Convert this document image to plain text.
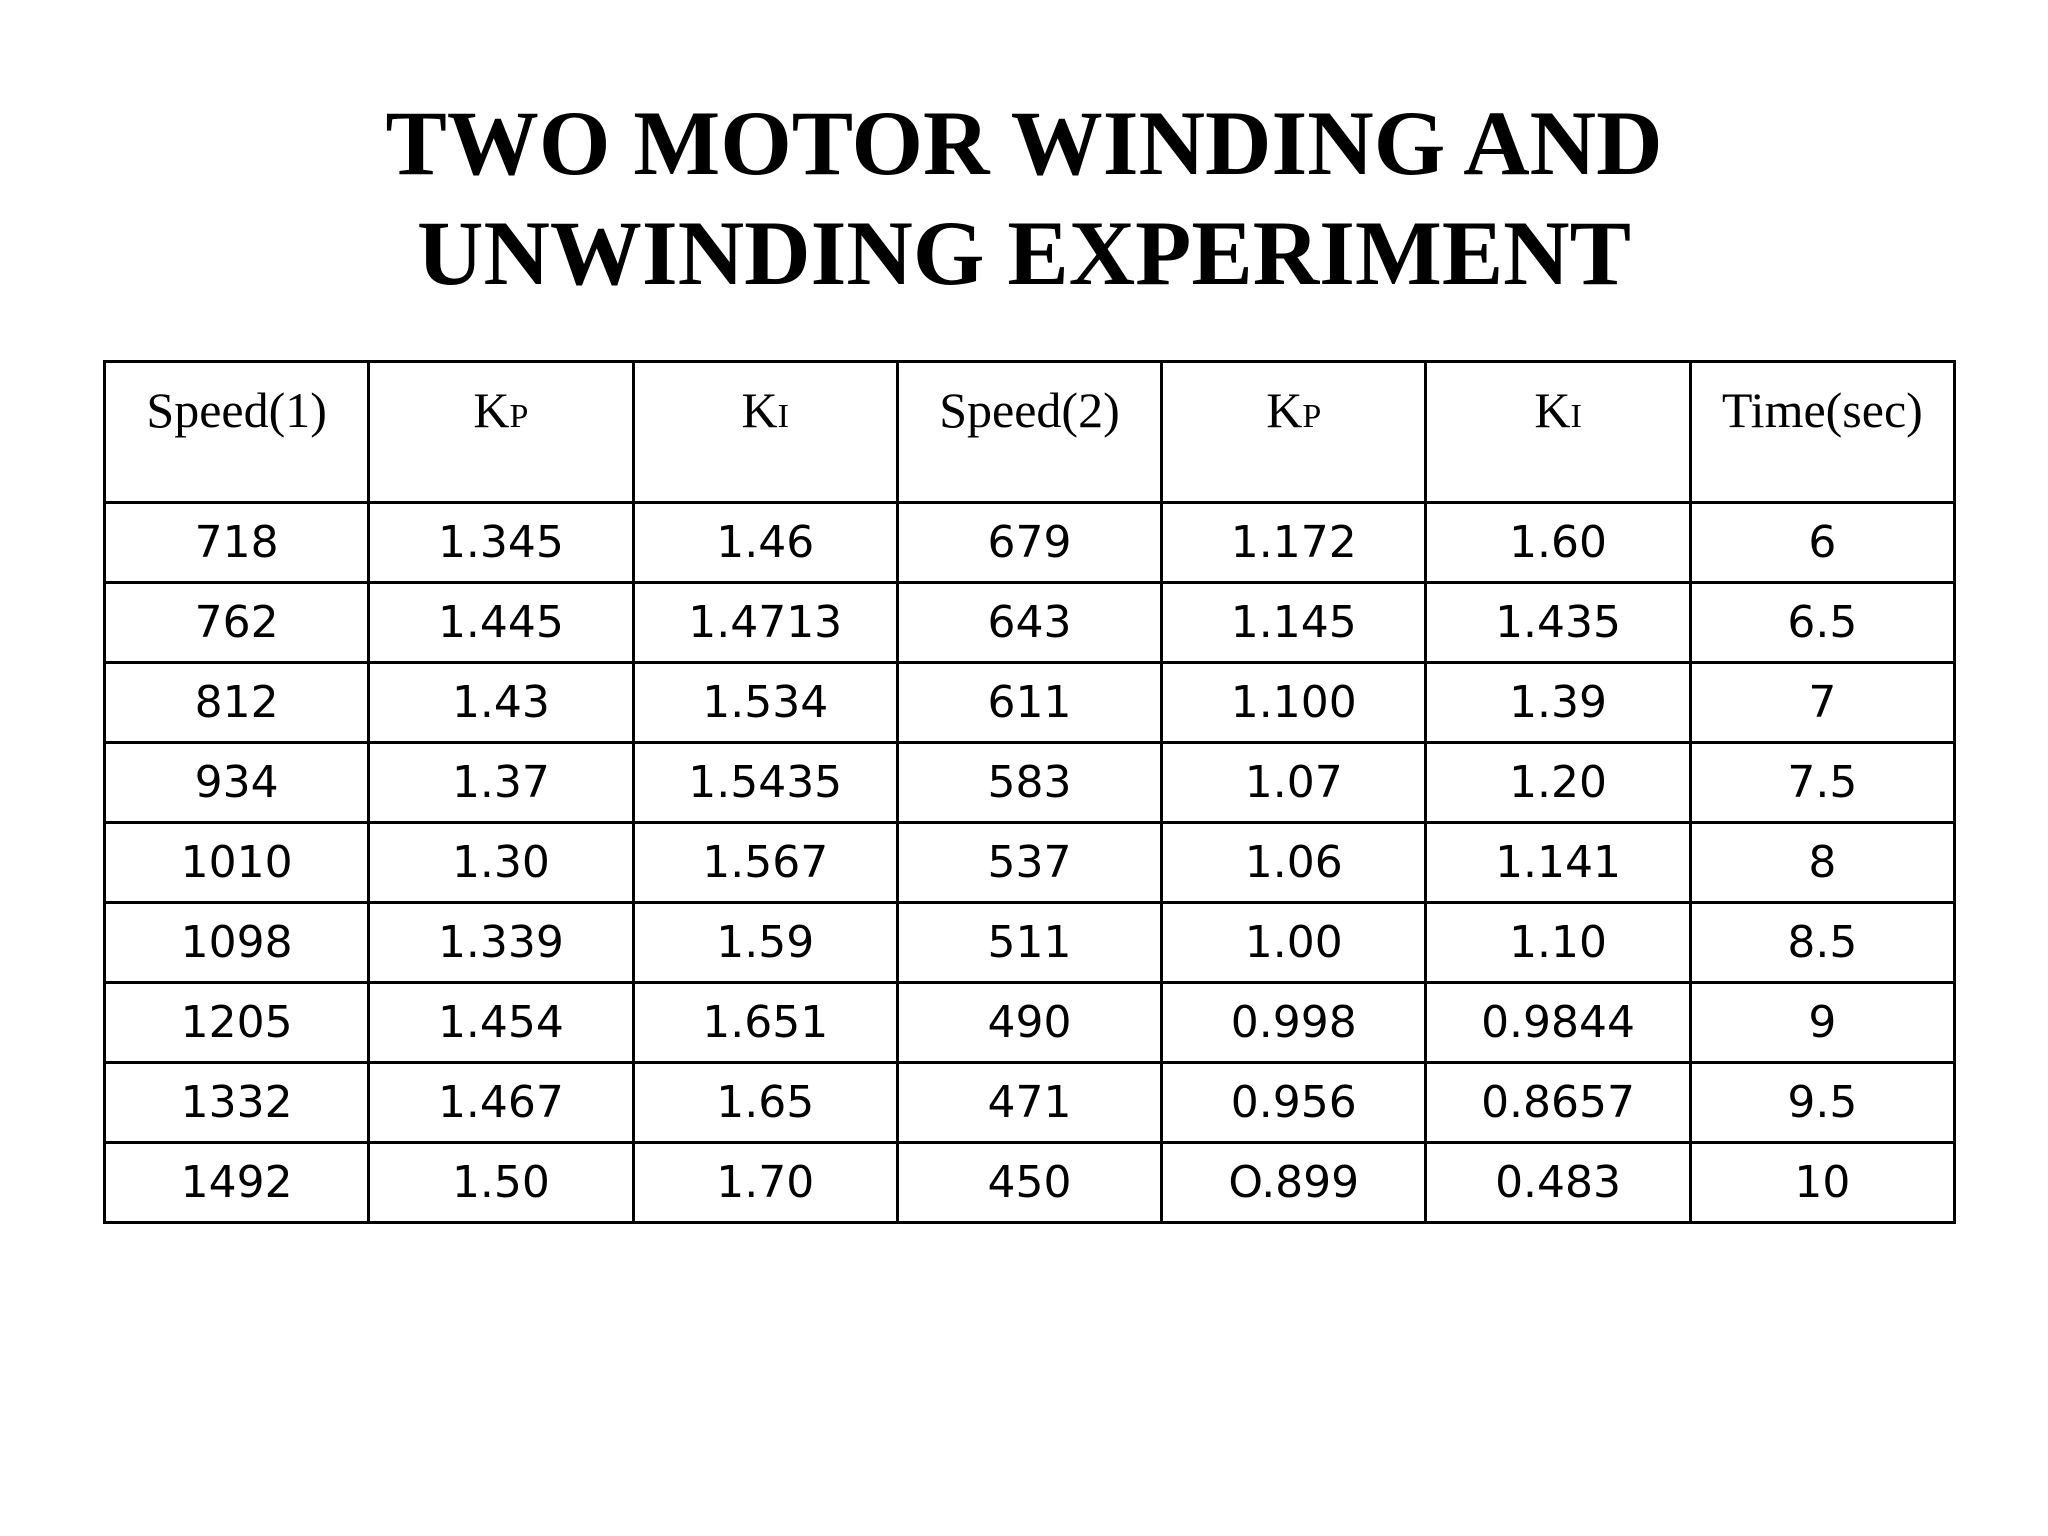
TWO MOTOR WINDING AND
UNWINDING EXPERIMENT
Speed(1)	KP	KI	Speed(2)	KP	KI	Time(sec)
718	1.345	1.46	679	1.172	1.60	6
762	1.445	1.4713	643	1.145	1.435	6.5
812	1.43	1.534	611	1.100	1.39	7
934	1.37	1.5435	583	1.07	1.20	7.5
1010	1.30	1.567	537	1.06	1.141	8
1098	1.339	1.59	511	1.00	1.10	8.5
1205	1.454	1.651	490	0.998	0.9844	9
1332	1.467	1.65	471	0.956	0.8657	9.5
1492	1.50	1.70	450	O.899	0.483	10
